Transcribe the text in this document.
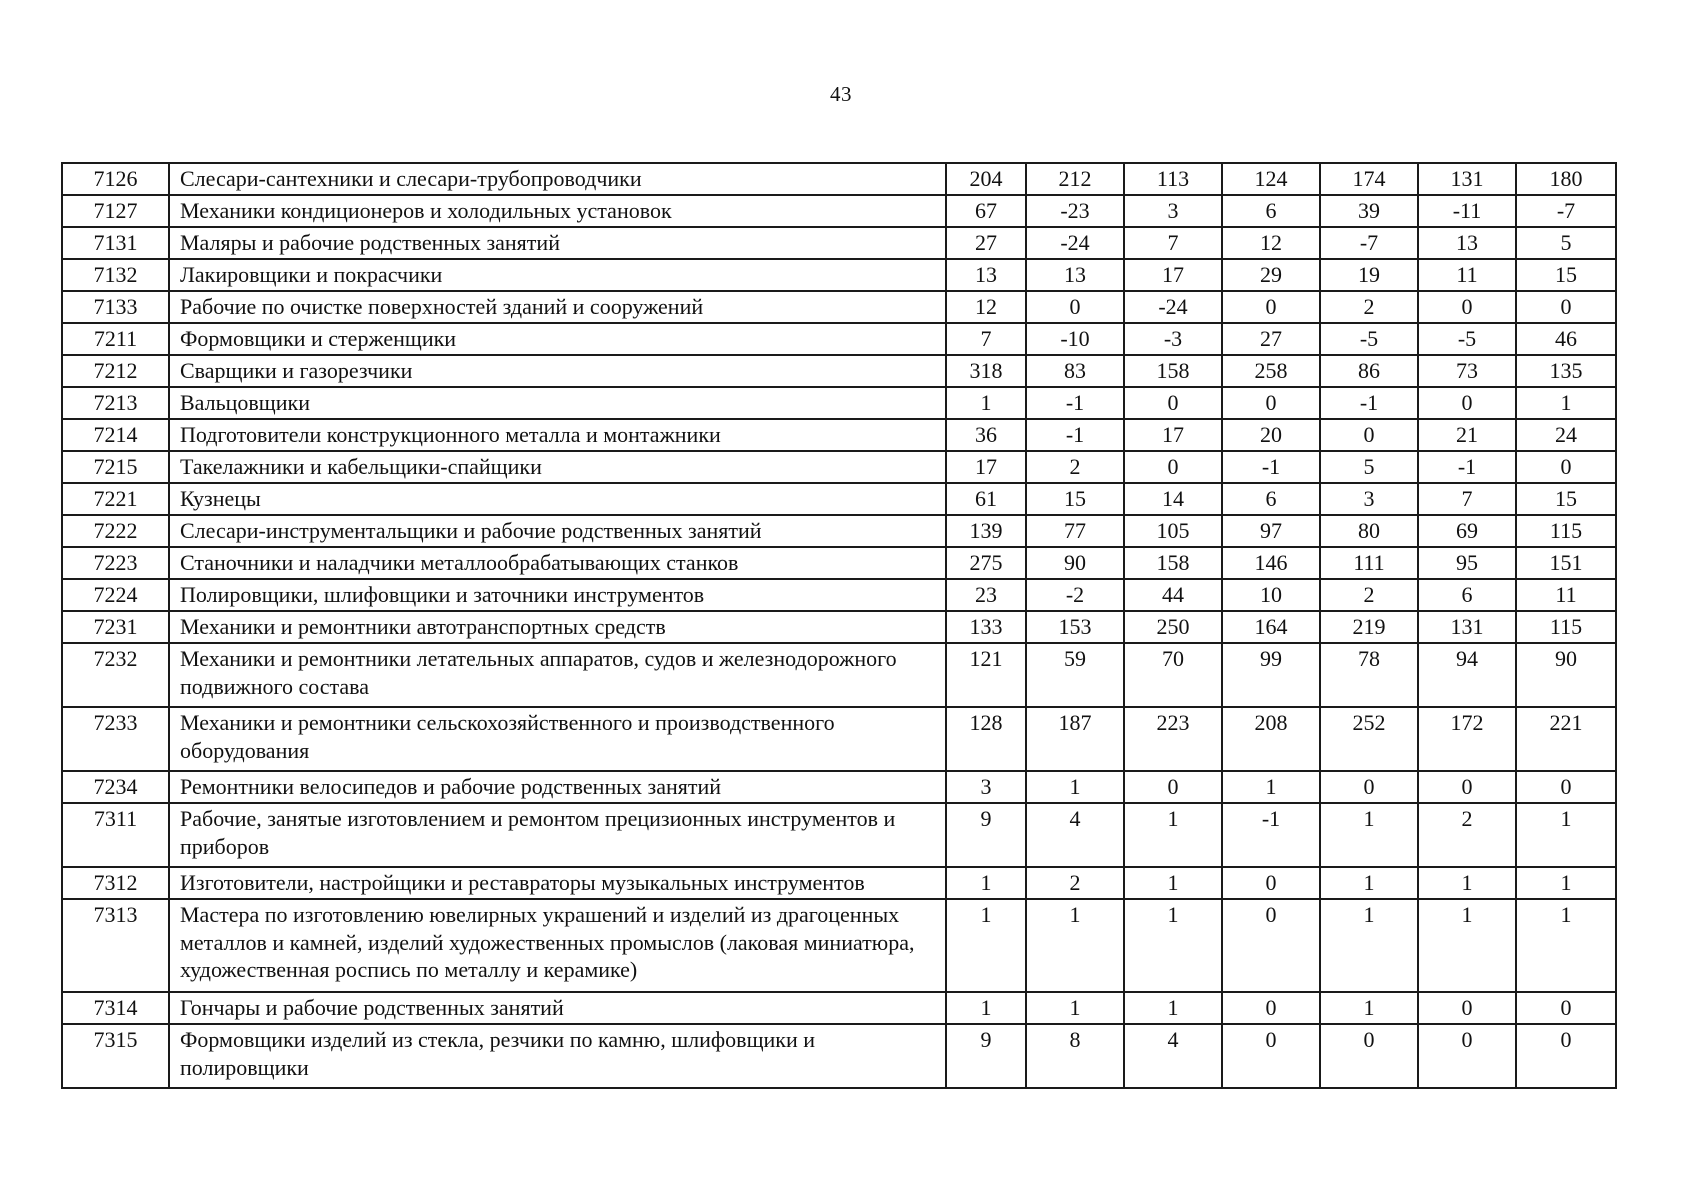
43
7126	Слесари-сантехники и слесари-трубопроводчики	204	212	113	124	174	131	180
7127	Механики кондиционеров и холодильных установок	67	-23	3	6	39	-11	-7
7131	Маляры и рабочие родственных занятий	27	-24	7	12	-7	13	5
7132	Лакировщики и покрасчики	13	13	17	29	19	11	15
7133	Рабочие по очистке поверхностей зданий и сооружений	12	0	-24	0	2	0	0
7211	Формовщики и стерженщики	7	-10	-3	27	-5	-5	46
7212	Сварщики и газорезчики	318	83	158	258	86	73	135
7213	Вальцовщики	1	-1	0	0	-1	0	1
7214	Подготовители конструкционного металла и монтажники	36	-1	17	20	0	21	24
7215	Такелажники и кабельщики-спайщики	17	2	0	-1	5	-1	0
7221	Кузнецы	61	15	14	6	3	7	15
7222	Слесари-инструментальщики и рабочие родственных занятий	139	77	105	97	80	69	115
7223	Станочники и наладчики металлообрабатывающих станков	275	90	158	146	111	95	151
7224	Полировщики, шлифовщики и заточники инструментов	23	-2	44	10	2	6	11
7231	Механики и ремонтники автотранспортных средств	133	153	250	164	219	131	115
7232	Механики и ремонтники летательных аппаратов, судов и железнодорожного подвижного состава	121	59	70	99	78	94	90
7233	Механики и ремонтники сельскохозяйственного и производственного оборудования	128	187	223	208	252	172	221
7234	Ремонтники велосипедов и рабочие родственных занятий	3	1	0	1	0	0	0
7311	Рабочие, занятые изготовлением и ремонтом прецизионных инструментов и приборов	9	4	1	-1	1	2	1
7312	Изготовители, настройщики и реставраторы музыкальных инструментов	1	2	1	0	1	1	1
7313	Мастера по изготовлению ювелирных украшений и изделий из драгоценных металлов и камней, изделий художественных промыслов (лаковая миниатюра, художественная роспись по металлу и керамике)	1	1	1	0	1	1	1
7314	Гончары и рабочие родственных занятий	1	1	1	0	1	0	0
7315	Формовщики изделий из стекла, резчики по камню, шлифовщики и полировщики	9	8	4	0	0	0	0
